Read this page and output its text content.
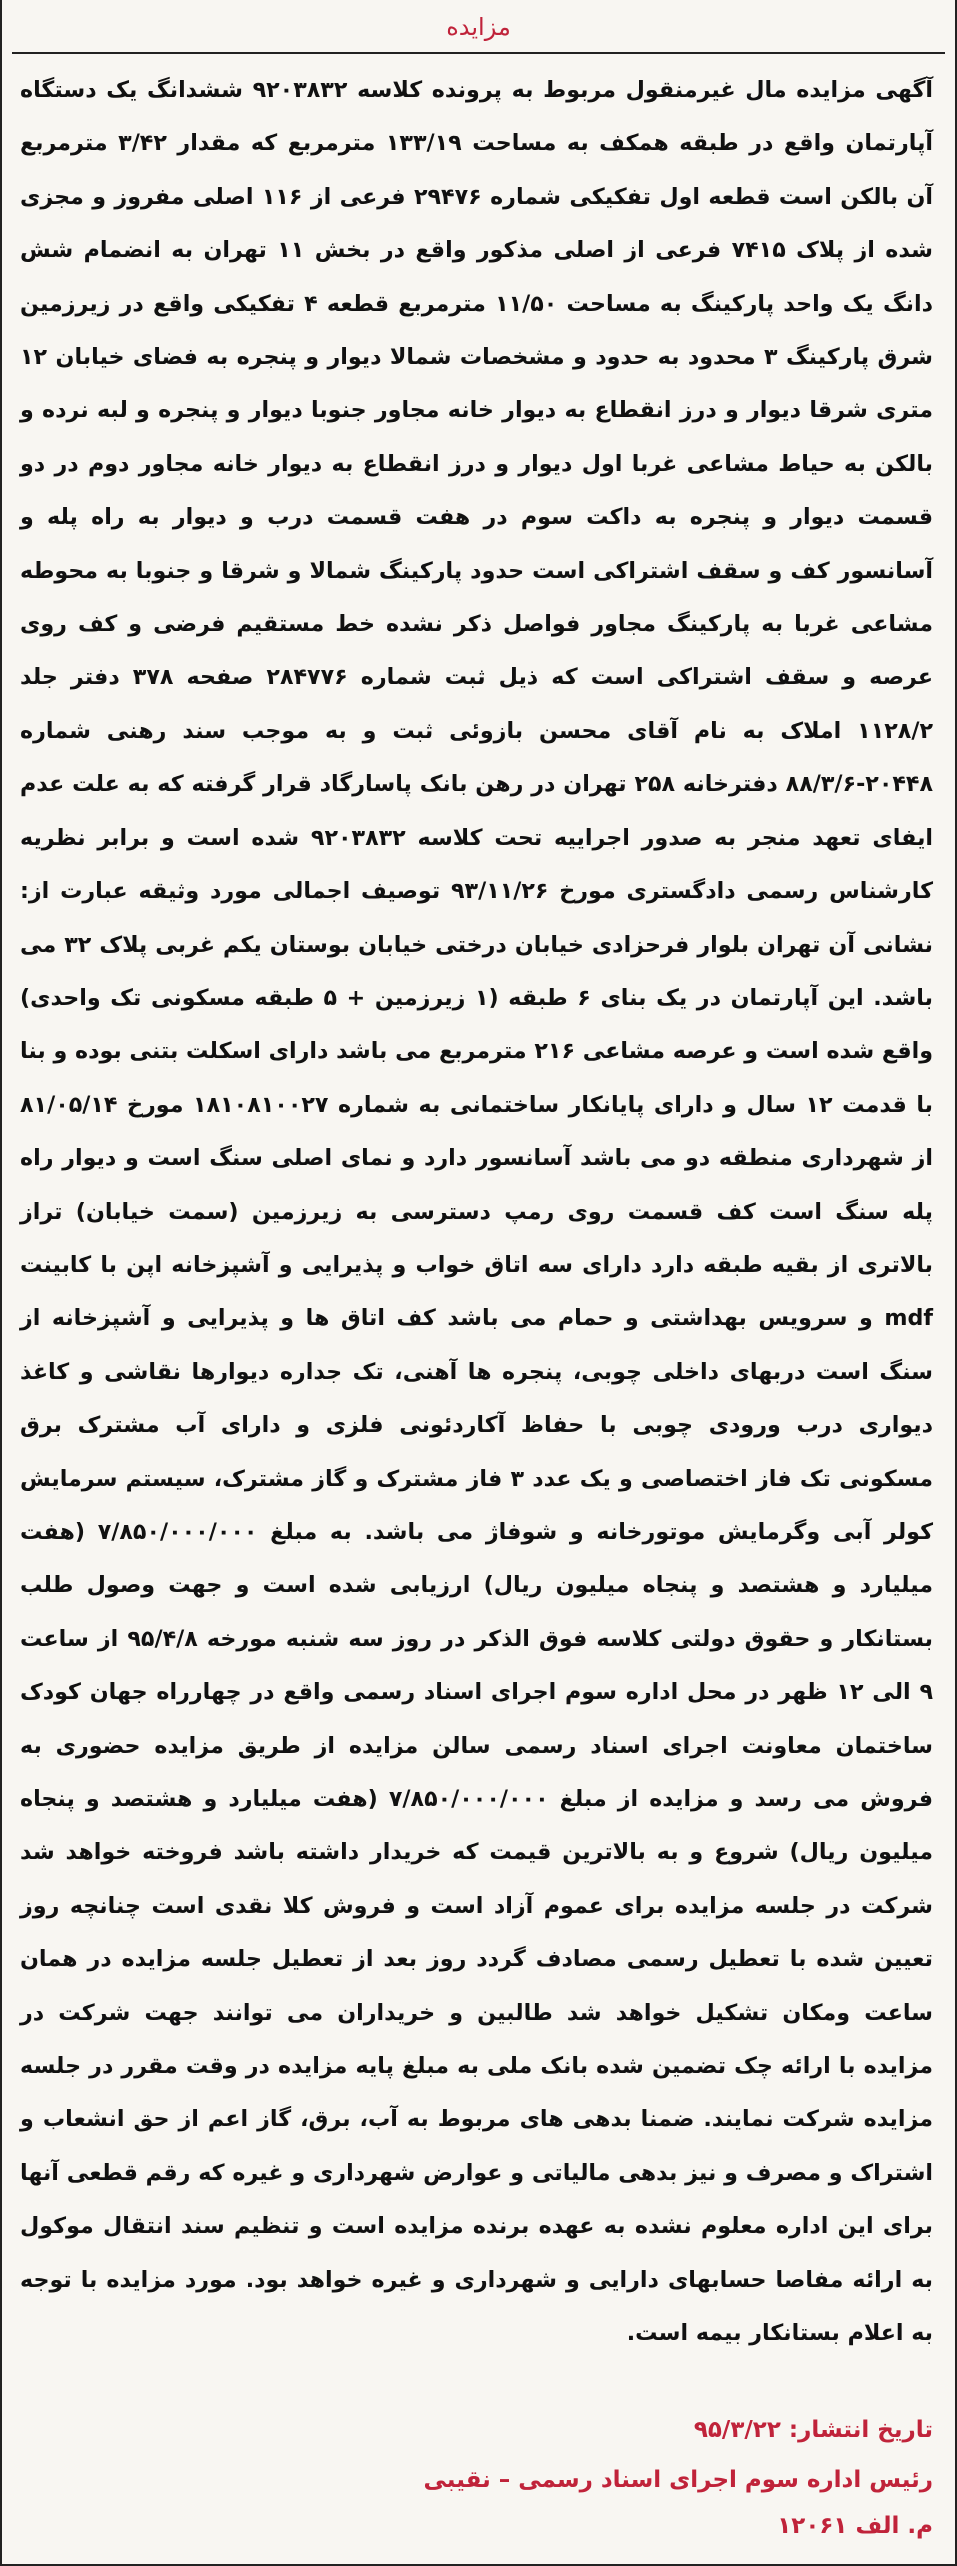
مزایده

آگهی مزایده مال غیرمنقول مربوط به پرونده کلاسه ۹۲۰۳۸۳۲ ششدانگ یک دستگاه آپارتمان واقع در طبقه همکف به مساحت ۱۳۳/۱۹ مترمربع که مقدار ۳/۴۲ مترمربع آن بالکن است قطعه اول تفکیکی شماره ۲۹۴۷۶ فرعی از ۱۱۶ اصلی مفروز و مجزی شده از پلاک ۷۴۱۵ فرعی از اصلی مذکور واقع در بخش ۱۱ تهران به انضمام شش دانگ یک واحد پارکینگ به مساحت ۱۱/۵۰ مترمربع قطعه ۴ تفکیکی واقع در زیرزمین شرق پارکینگ ۳ محدود به حدود و مشخصات شمالا دیوار و پنجره به فضای خیابان ۱۲ متری شرقا دیوار و درز انقطاع به دیوار خانه مجاور جنوبا دیوار و پنجره و لبه نرده و بالکن به حیاط مشاعی غربا اول دیوار و درز انقطاع به دیوار خانه مجاور دوم در دو قسمت دیوار و پنجره به داکت سوم در هفت قسمت درب و دیوار به راه پله و آسانسور کف و سقف اشتراکی است حدود پارکینگ شمالا و شرقا و جنوبا به محوطه مشاعی غربا به پارکینگ مجاور فواصل ذکر نشده خط مستقیم فرضی و کف روی عرصه و سقف اشتراکی است که ذیل ثبت شماره ۲۸۴۷۷۶ صفحه ۳۷۸ دفتر جلد ۱۱۲۸/۲ املاک به نام آقای محسن بازوئی ثبت و به موجب سند رهنی شماره ۲۰۴۴۸-۸۸/۳/۶ دفترخانه ۲۵۸ تهران در رهن بانک پاسارگاد قرار گرفته که به علت عدم ایفای تعهد منجر به صدور اجراییه تحت کلاسه ۹۲۰۳۸۳۲ شده است و برابر نظریه کارشناس رسمی دادگستری مورخ ۹۳/۱۱/۲۶ توصیف اجمالی مورد وثیقه عبارت از: نشانی آن تهران بلوار فرحزادی خیابان درختی خیابان بوستان یکم غربی پلاک ۳۲ می باشد. این آپارتمان در یک بنای ۶ طبقه (۱ زیرزمین + ۵ طبقه مسکونی تک واحدی) واقع شده است و عرصه مشاعی ۲۱۶ مترمربع می باشد دارای اسکلت بتنی بوده و بنا با قدمت ۱۲ سال و دارای پایانکار ساختمانی به شماره ۱۸۱۰۸۱۰۰۲۷ مورخ ۸۱/۰۵/۱۴ از شهرداری منطقه دو می باشد آسانسور دارد و نمای اصلی سنگ است و دیوار راه پله سنگ است کف قسمت روی رمپ دسترسی به زیرزمین (سمت خیابان) تراز بالاتری از بقیه طبقه دارد دارای سه اتاق خواب و پذیرایی و آشپزخانه اپن با کابینت mdf و سرویس بهداشتی و حمام می باشد کف اتاق ها و پذیرایی و آشپزخانه از سنگ است دربهای داخلی چوبی، پنجره ها آهنی، تک جداره دیوارها نقاشی و کاغذ دیواری درب ورودی چوبی با حفاظ آکاردئونی فلزی و دارای آب مشترک برق مسکونی تک فاز اختصاصی و یک عدد ۳ فاز مشترک و گاز مشترک، سیستم سرمایش کولر آبی وگرمایش موتورخانه و شوفاژ می باشد. به مبلغ ۷/۸۵۰/۰۰۰/۰۰۰ (هفت میلیارد و هشتصد و پنجاه میلیون ریال) ارزیابی شده است و جهت وصول طلب بستانکار و حقوق دولتی کلاسه فوق الذکر در روز سه شنبه مورخه ۹۵/۴/۸ از ساعت ۹ الی ۱۲ ظهر در محل اداره سوم اجرای اسناد رسمی واقع در چهارراه جهان کودک ساختمان معاونت اجرای اسناد رسمی سالن مزایده از طریق مزایده حضوری به فروش می رسد و مزایده از مبلغ ۷/۸۵۰/۰۰۰/۰۰۰ (هفت میلیارد و هشتصد و پنجاه میلیون ریال) شروع و به بالاترین قیمت که خریدار داشته باشد فروخته خواهد شد شرکت در جلسه مزایده برای عموم آزاد است و فروش کلا نقدی است چنانچه روز تعیین شده با تعطیل رسمی مصادف گردد روز بعد از تعطیل جلسه مزایده در همان ساعت ومکان تشکیل خواهد شد طالبین و خریداران می توانند جهت شرکت در مزایده با ارائه چک تضمین شده بانک ملی به مبلغ پایه مزایده در وقت مقرر در جلسه مزایده شرکت نمایند. ضمنا بدهی های مربوط به آب، برق، گاز اعم از حق انشعاب و اشتراک و مصرف و نیز بدهی مالیاتی و عوارض شهرداری و غیره که رقم قطعی آنها برای این اداره معلوم نشده به عهده برنده مزایده است و تنظیم سند انتقال موکول به ارائه مفاصا حسابهای دارایی و شهرداری و غیره خواهد بود. مورد مزایده با توجه به اعلام بستانکار بیمه است.

تاریخ انتشار: ۹۵/۳/۲۲
رئیس اداره سوم اجرای اسناد رسمی – نقیبی
م. الف ۱۲۰۶۱
